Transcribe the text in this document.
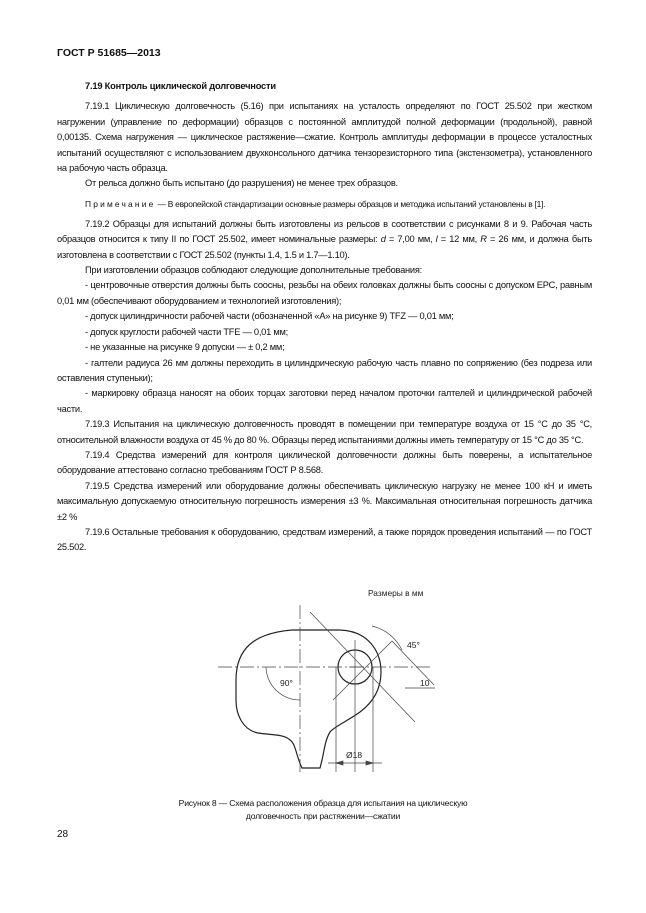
ГОСТ Р 51685—2013
7.19 Контроль циклической долговечности

7.19.1 Циклическую долговечность (5.16) при испытаниях на усталость определяют по ГОСТ 25.502 при жестком нагружении (управление по деформации) образцов с постоянной амплитудой полной деформации (продольной), равной 0,00135. Схема нагружения — циклическое растяжение—сжатие. Контроль амплитуды деформации в процессе усталостных испытаний осуществляют с использованием двухконсольного датчика тензорезисторного типа (экстензометра), установленного на рабочую часть образца.

От рельса должно быть испытано (до разрушения) не менее трех образцов.

Примечание — В европейской стандартизации основные размеры образцов и методика испытаний установлены в [1].

7.19.2 Образцы для испытаний должны быть изготовлены из рельсов в соответствии с рисунками 8 и 9. Рабочая часть образцов относится к типу II по ГОСТ 25.502, имеет номинальные размеры: d = 7,00 мм, l = 12 мм, R = 26 мм, и должна быть изготовлена в соответствии с ГОСТ 25.502 (пункты 1.4, 1.5 и 1.7—1.10).

При изготовлении образцов соблюдают следующие дополнительные требования:

- центровочные отверстия должны быть соосны, резьбы на обеих головках должны быть соосны с допуском ЕРС, равным 0,01 мм (обеспечивают оборудованием и технологией изготовления);

- допуск цилиндричности рабочей части (обозначенной «А» на рисунке 9) TFZ — 0,01 мм;

- допуск круглости рабочей части TFE — 0,01 мм;

- не указанные на рисунке 9 допуски — ± 0,2 мм;

- галтели радиуса 26 мм должны переходить в цилиндрическую рабочую часть плавно по сопряжению (без подреза или оставления ступеньки);

- маркировку образца наносят на обоих торцах заготовки перед началом проточки галтелей и цилиндрической рабочей части.

7.19.3 Испытания на циклическую долговечность проводят в помещении при температуре воздуха от 15 °С до 35 °С, относительной влажности воздуха от 45 % до 80 %. Образцы перед испытаниями должны иметь температуру от 15 °С до 35 °С.

7.19.4 Средства измерений для контроля циклической долговечности должны быть поверены, а испытательное оборудование аттестовано согласно требованиям ГОСТ Р 8.568.

7.19.5 Средства измерений или оборудование должны обеспечивать циклическую нагрузку не менее 100 кН и иметь максимальную допускаемую относительную погрешность измерения ±3 %. Максимальная относительная погрешность датчика ±2 %

7.19.6 Остальные требования к оборудованию, средствам измерений, а также порядок проведения испытаний — по ГОСТ 25.502.

Размеры в мм
90°
45°
10
Ø18
Рисунок 8 — Схема расположения образца для испытания на циклическую
долговечность при растяжении—сжатии
28
